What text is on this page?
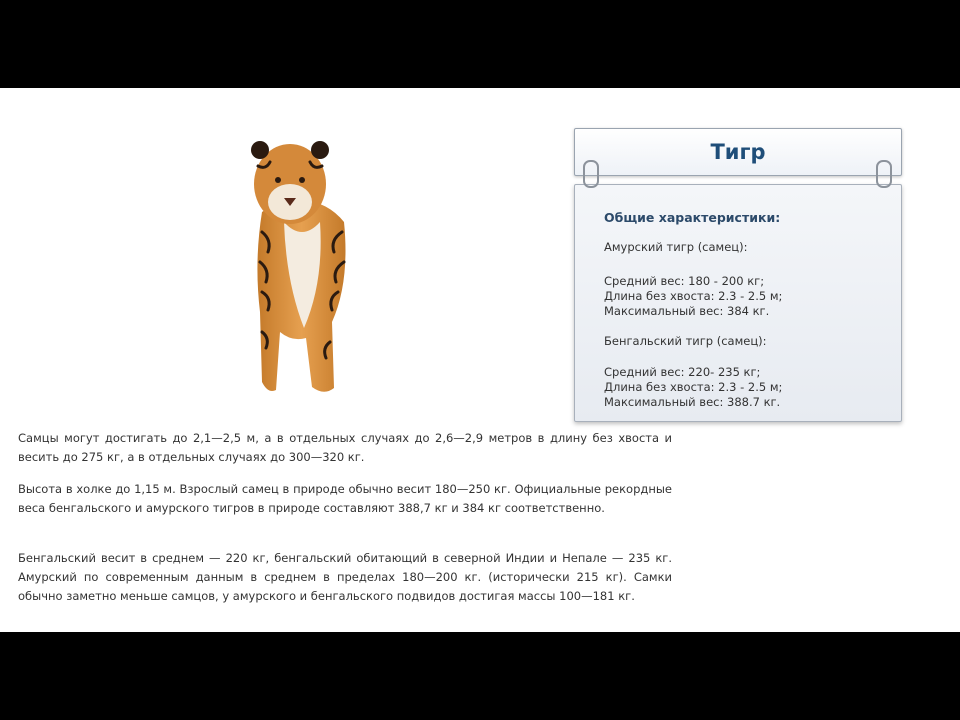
Тигр
Общие характеристики:
Амурский тигр (самец):
Средний вес: 180 - 200 кг;
Длина без хвоста: 2.3 - 2.5 м;
Максимальный вес: 384 кг.
Бенгальский тигр (самец):
Средний вес: 220- 235 кг;
Длина без хвоста: 2.3 - 2.5 м;
Максимальный вес: 388.7 кг.

Самцы могут достигать до 2,1—2,5 м, а в отдельных случаях до 2,6—2,9 метров в длину без хвоста и весить до 275 кг, а в отдельных случаях до 300—320 кг.

Высота в холке до 1,15 м. Взрослый самец в природе обычно весит 180—250 кг. Официальные рекордные веса бенгальского и амурского тигров в природе составляют 388,7 кг и 384 кг соответственно.

Бенгальский весит в среднем — 220 кг, бенгальский обитающий в северной Индии и Непале — 235 кг. Амурский по современным данным в среднем в пределах 180—200 кг. (исторически 215 кг). Самки обычно заметно меньше самцов, у амурского и бенгальского подвидов достигая массы 100—181 кг.
